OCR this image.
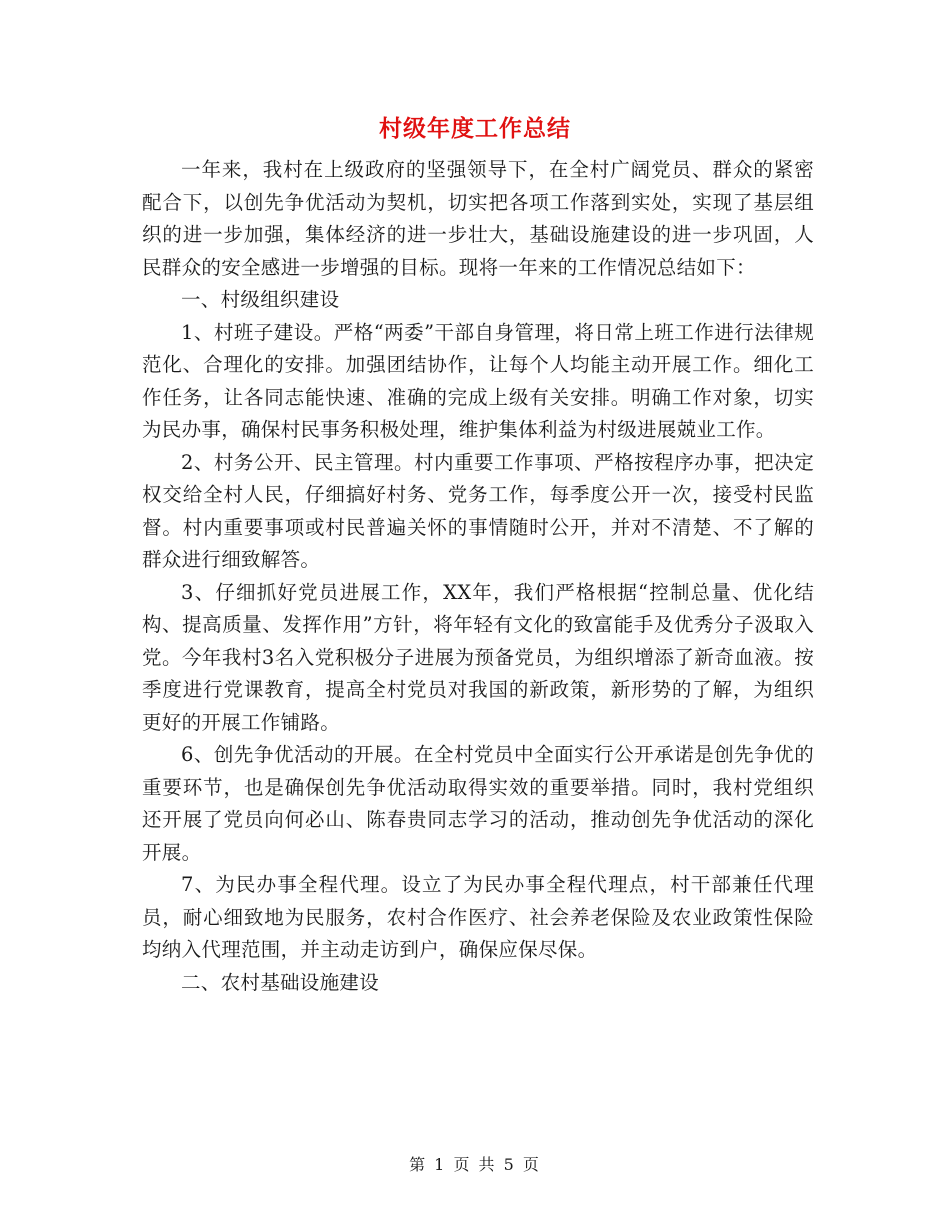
村级年度工作总结

一年来，我村在上级政府的坚强领导下，在全村广阔党员、群众的紧密配合下，以创先争优活动为契机，切实把各项工作落到实处，实现了基层组织的进一步加强，集体经济的进一步壮大，基础设施建设的进一步巩固，人民群众的安全感进一步增强的目标。现将一年来的工作情况总结如下：

一、村级组织建设

1、村班子建设。严格“两委”干部自身管理，将日常上班工作进行法律规范化、合理化的安排。加强团结协作，让每个人均能主动开展工作。细化工作任务，让各同志能快速、准确的完成上级有关安排。明确工作对象，切实为民办事，确保村民事务积极处理，维护集体利益为村级进展兢业工作。

2、村务公开、民主管理。村内重要工作事项、严格按程序办事，把决定权交给全村人民，仔细搞好村务、党务工作，每季度公开一次，接受村民监督。村内重要事项或村民普遍关怀的事情随时公开，并对不清楚、不了解的群众进行细致解答。

3、仔细抓好党员进展工作，XX年，我们严格根据“控制总量、优化结构、提高质量、发挥作用”方针，将年轻有文化的致富能手及优秀分子汲取入党。今年我村3名入党积极分子进展为预备党员，为组织增添了新奇血液。按季度进行党课教育，提高全村党员对我国的新政策，新形势的了解，为组织更好的开展工作铺路。

6、创先争优活动的开展。在全村党员中全面实行公开承诺是创先争优的重要环节，也是确保创先争优活动取得实效的重要举措。同时，我村党组织还开展了党员向何必山、陈春贵同志学习的活动，推动创先争优活动的深化开展。

7、为民办事全程代理。设立了为民办事全程代理点，村干部兼任代理员，耐心细致地为民服务，农村合作医疗、社会养老保险及农业政策性保险均纳入代理范围，并主动走访到户，确保应保尽保。

二、农村基础设施建设

第 1 页 共 5 页
